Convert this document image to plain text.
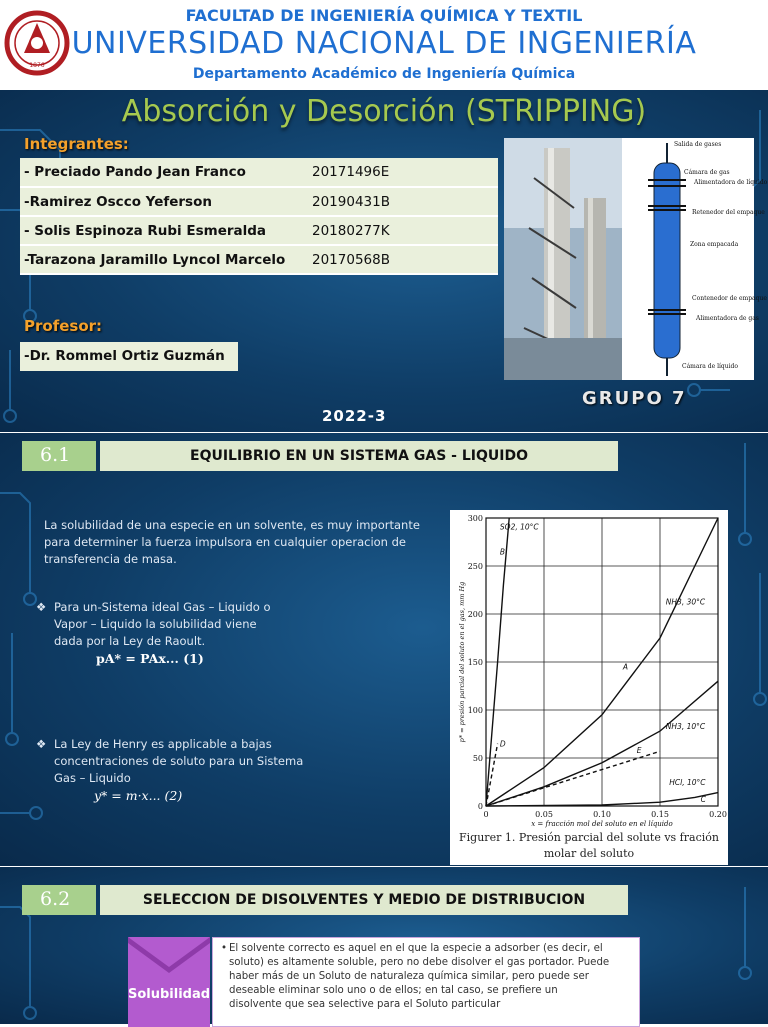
1876
FACULTAD DE INGENIERÍA QUÍMICA Y TEXTIL
UNIVERSIDAD NACIONAL DE INGENIERÍA
Departamento Académico de Ingeniería Química
Absorción y Desorción (STRIPPING)
Integrantes:
- Preciado Pando Jean Franco	20171496E
-Ramirez Oscco Yeferson	20190431B
- Solis Espinoza Rubi Esmeralda	20180277K
-Tarazona Jaramillo Lyncol Marcelo	20170568B
Profesor:
-Dr. Rommel Ortiz Guzmán
Salida de gases
Cámara de gas
Alimentadora de líquido
Retenedor del empaque
Zona empacada
Contenedor de empaque
Alimentadora de gas
Cámara de líquido
GRUPO 7
2022-3
6.1	EQUILIBRIO EN UN SISTEMA GAS - LIQUIDO
La solubilidad de una especie en un solvente, es muy importante
para determiner la fuerza impulsora en cualquier operacion de
transferencia de masa.
❖ Para un-Sistema ideal Gas – Liquido o
Vapor – Liquido la solubilidad viene
dada por la Ley de Raoult.
pA* = PAx... (1)
❖ La Ley de Henry es applicable a bajas
concentraciones de soluto para un Sistema
Gas – Liquido
y* = m·x... (2)
0	0.05	0.10	0.15	0.20
0
50
100
150
200
250
300
x = fracción mol del soluto en el líquido
p* = presión parcial del soluto en el gas, mm Hg
SO2, 10°C
B
NH3, 30°C
A
NH3, 10°C
HCl, 10°C
C
D
E
Figurer 1. Presión parcial del solute vs fración
molar del soluto
6.2	SELECCION DE DISOLVENTES Y MEDIO DE DISTRIBUCION
Solubilidad
• El solvente correcto es aquel en el que la especie a adsorber (es decir, el
soluto) es altamente soluble, pero no debe disolver el gas portador. Puede
haber más de un Soluto de naturaleza química similar, pero puede ser
deseable eliminar solo uno o de ellos; en tal caso, se prefiere un
disolvente que sea selective para el Soluto particular
